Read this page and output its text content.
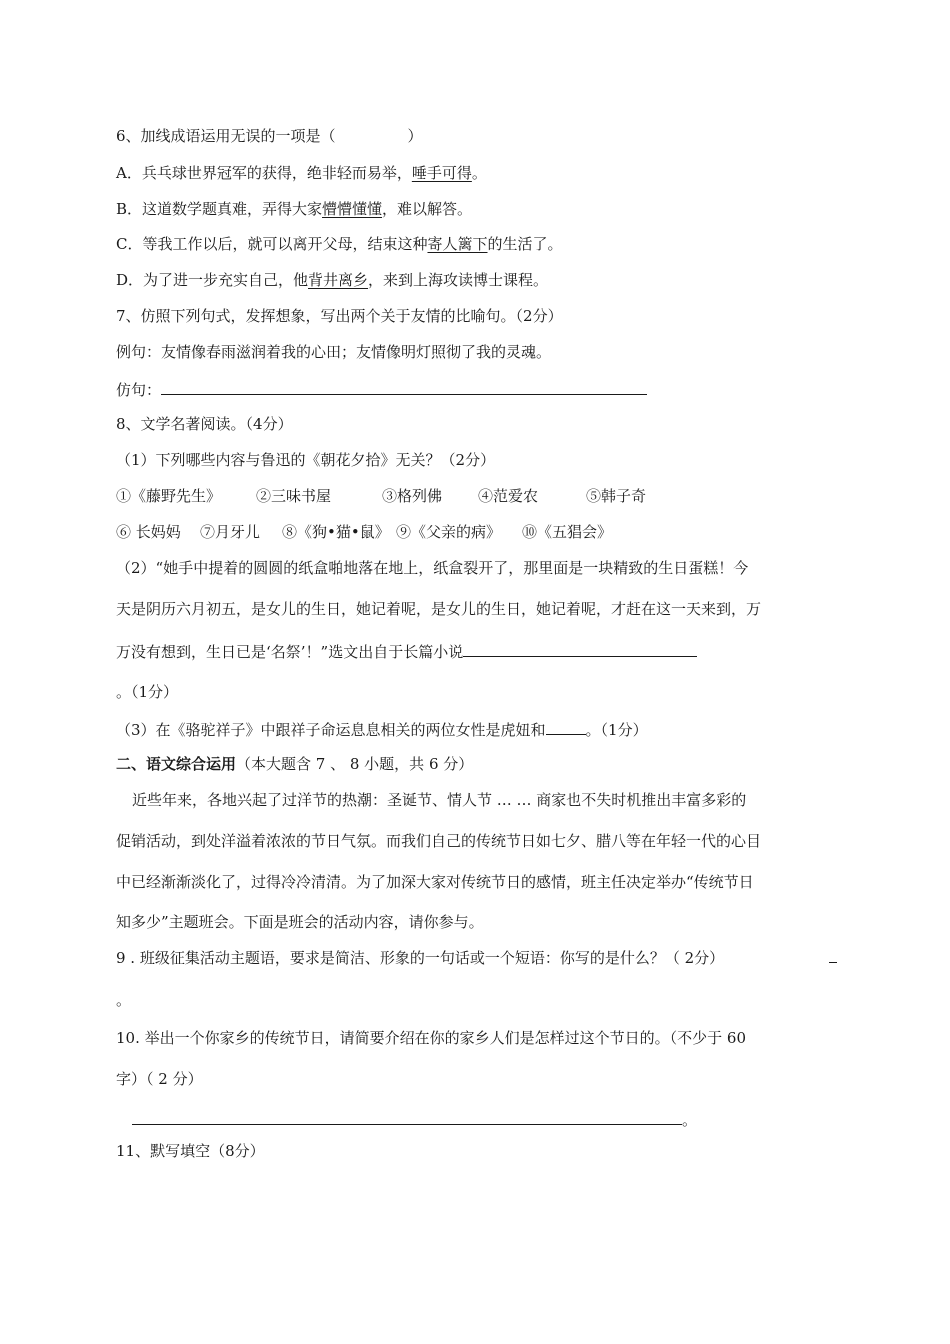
6、加线成语运用无误的一项是（	）
A．兵乓球世界冠军的获得，绝非轻而易举，唾手可得。
B．这道数学题真难，弄得大家懵懵懂懂，难以解答。
C．等我工作以后，就可以离开父母，结束这种寄人篱下的生活了。
D．为了进一步充实自己，他背井离乡，来到上海攻读博士课程。
7、仿照下列句式，发挥想象，写出两个关于友情的比喻句。（2分）
例句：友情像春雨滋润着我的心田；友情像明灯照彻了我的灵魂。
仿句：
8、文学名著阅读。（4分）
（1）下列哪些内容与鲁迅的《朝花夕拾》无关？（2分）
①《藤野先生》 ②三味书屋	③格列佛 ④范爱农	⑤韩子奇
⑥ 长妈妈 ⑦月牙儿 ⑧《狗•猫•鼠》 ⑨《父亲的病》 ⑩《五猖会》
（2）“她手中提着的圆圆的纸盒啪地落在地上，纸盒裂开了，那里面是一块精致的生日蛋糕！今
天是阴历六月初五，是女儿的生日，她记着呢，是女儿的生日，她记着呢，才赶在这一天来到，万
万没有想到，生日已是‘名祭’！”选文出自于长篇小说
。（1分）
（3）在《骆驼祥子》中跟祥子命运息息相关的两位女性是虎妞和	。（1分）
二、语文综合运用（本大题含 7 、 8 小题，共 6 分）
近些年来，各地兴起了过洋节的热潮：圣诞节、情人节 … … 商家也不失时机推出丰富多彩的
促销活动，到处洋溢着浓浓的节日气氛。而我们自己的传统节日如七夕、腊八等在年轻一代的心目
中已经渐渐淡化了，过得冷冷清清。为了加深大家对传统节日的感情，班主任决定举办“传统节日
知多少”主题班会。下面是班会的活动内容，请你参与。
9 . 班级征集活动主题语，要求是简洁、形象的一句话或一个短语：你写的是什么？（ 2分）
。
10. 举出一个你家乡的传统节日，请简要介绍在你的家乡人们是怎样过这个节日的。（不少于 60
字）（ 2 分）
。
11、默写填空（8分）
